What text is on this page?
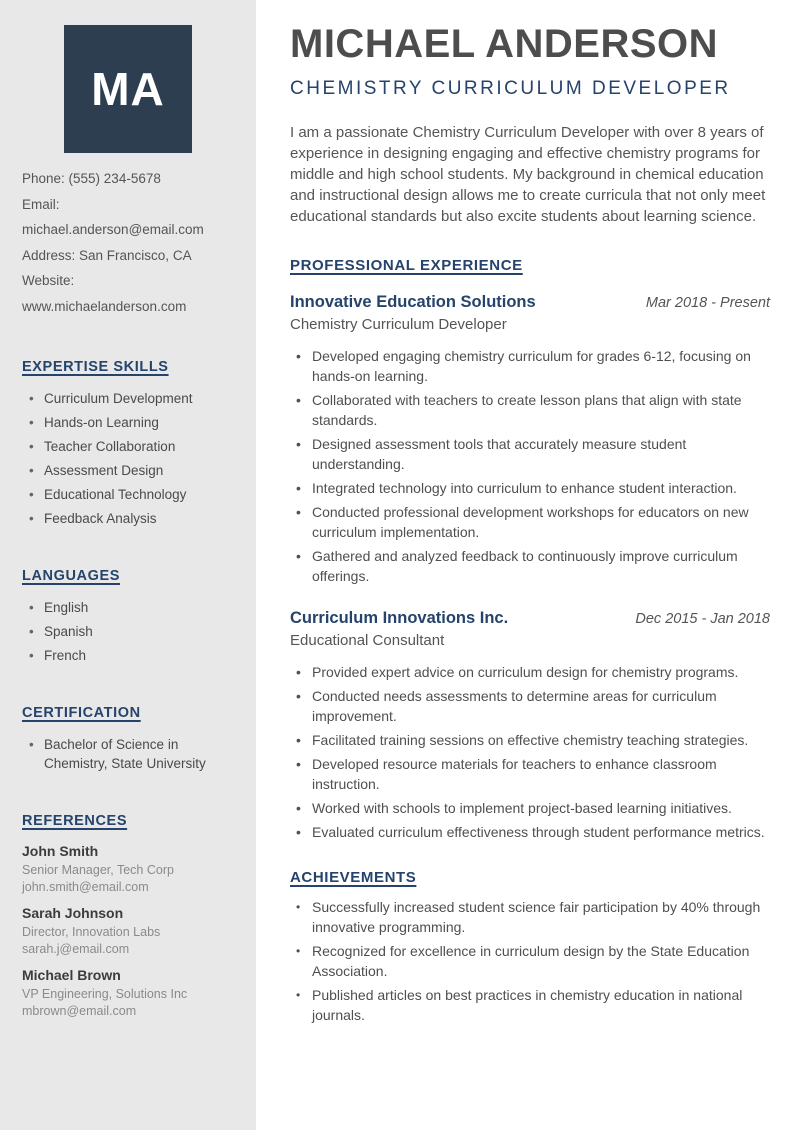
MA

Phone: (555) 234-5678

Email: michael.anderson@email.com

Address: San Francisco, CA

Website: www.michaelanderson.com

EXPERTISE SKILLS
• Curriculum Development
• Hands-on Learning
• Teacher Collaboration
• Assessment Design
• Educational Technology
• Feedback Analysis
LANGUAGES
• English
• Spanish
• French
CERTIFICATION
• Bachelor of Science in Chemistry, State University
REFERENCES

John Smith

Senior Manager, Tech Corp

john.smith@email.com

Sarah Johnson

Director, Innovation Labs

sarah.j@email.com

Michael Brown

VP Engineering, Solutions Inc

mbrown@email.com

MICHAEL ANDERSON
CHEMISTRY CURRICULUM DEVELOPER

I am a passionate Chemistry Curriculum Developer with over 8 years of experience in designing engaging and effective chemistry programs for middle and high school students. My background in chemical education and instructional design allows me to create curricula that not only meet educational standards but also excite students about learning science.

PROFESSIONAL EXPERIENCE
Innovative Education Solutions	Mar 2018 - Present

Chemistry Curriculum Developer

• Developed engaging chemistry curriculum for grades 6-12, focusing on hands-on learning.
• Collaborated with teachers to create lesson plans that align with state standards.
• Designed assessment tools that accurately measure student understanding.
• Integrated technology into curriculum to enhance student interaction.
• Conducted professional development workshops for educators on new curriculum implementation.
• Gathered and analyzed feedback to continuously improve curriculum offerings.
Curriculum Innovations Inc.	Dec 2015 - Jan 2018

Educational Consultant

• Provided expert advice on curriculum design for chemistry programs.
• Conducted needs assessments to determine areas for curriculum improvement.
• Facilitated training sessions on effective chemistry teaching strategies.
• Developed resource materials for teachers to enhance classroom instruction.
• Worked with schools to implement project-based learning initiatives.
• Evaluated curriculum effectiveness through student performance metrics.
ACHIEVEMENTS
• Successfully increased student science fair participation by 40% through innovative programming.
• Recognized for excellence in curriculum design by the State Education Association.
• Published articles on best practices in chemistry education in national journals.
